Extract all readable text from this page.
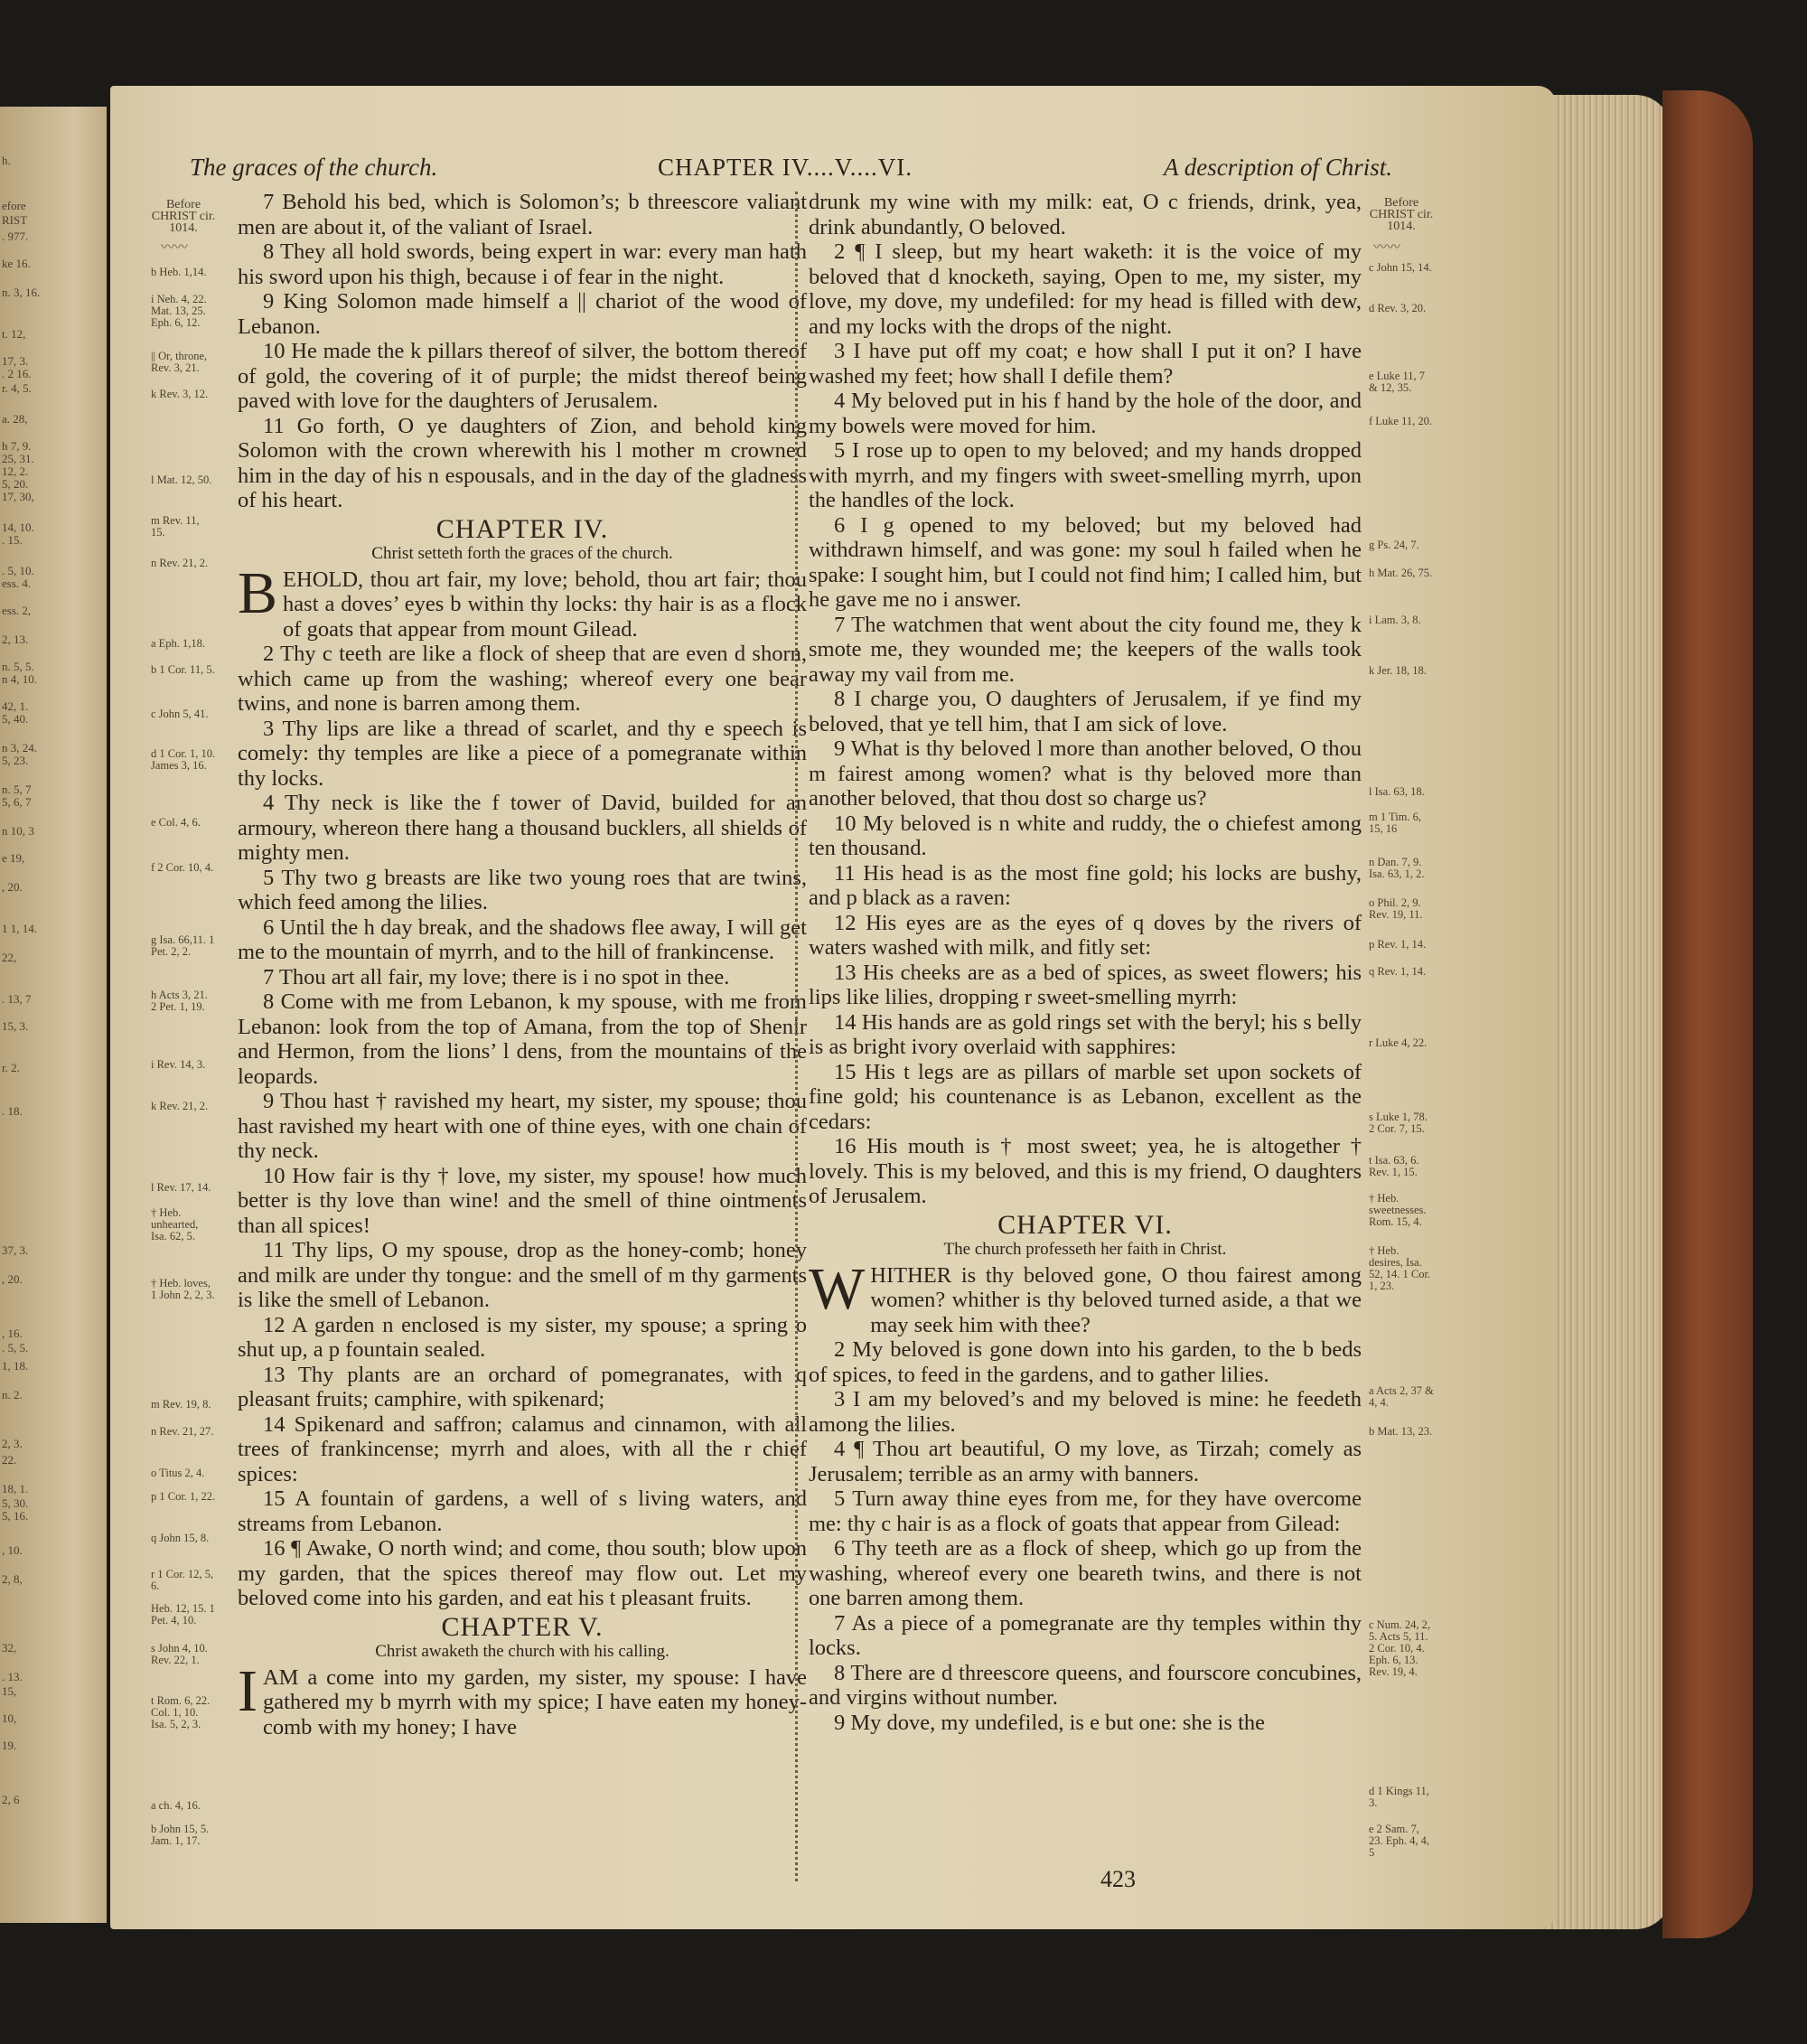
h.
efore
RIST
. 977.
ke 16.
n. 3, 16.
t. 12,
17, 3.
. 2 16.
r. 4, 5.
a. 28,
h 7, 9.
25, 31.
12, 2.
5, 20.
17, 30,
14, 10.
. 15.
. 5, 10.
ess. 4.
ess. 2,
2, 13.
n. 5, 5.
n 4, 10.
42, 1.
5, 40.
n 3, 24.
5, 23.
n. 5, 7
5, 6, 7
n 10, 3
e 19,
, 20.
1 1, 14.
22,
. 13, 7
15, 3.
r. 2.
. 18.
37, 3.
, 20.
, 16.
. 5, 5.
1, 18.
n. 2.
2, 3.
22.
18, 1.
5, 30.
5, 16.
, 10.
2, 8,
32,
. 13.
15,
10,
19.
2, 6
The graces of the church.	CHAPTER IV....V....VI.	A description of Christ.
Before CHRIST cir. 1014.
〰〰
Before CHRIST cir. 1014.
〰〰
b Heb. 1,14.
i Neh. 4, 22. Mat. 13, 25. Eph. 6, 12.
|| Or, throne, Rev. 3, 21.
k Rev. 3, 12.
l Mat. 12, 50.
m Rev. 11, 15.
n Rev. 21, 2.
a Eph. 1,18.
b 1 Cor. 11, 5.
c John 5, 41.
d 1 Cor. 1, 10. James 3, 16.
e Col. 4, 6.
f 2 Cor. 10, 4.
g Isa. 66,11. 1 Pet. 2, 2.
h Acts 3, 21. 2 Pet. 1, 19.
i Rev. 14, 3.
k Rev. 21, 2.
l Rev. 17, 14.
† Heb. unhearted, Isa. 62, 5.
† Heb. loves, 1 John 2, 2, 3.
m Rev. 19, 8.
n Rev. 21, 27.
o Titus 2, 4.
p 1 Cor. 1, 22.
q John 15, 8.
r 1 Cor. 12, 5, 6.
Heb. 12, 15. 1 Pet. 4, 10.
s John 4, 10. Rev. 22, 1.
t Rom. 6, 22. Col. 1, 10. Isa. 5, 2, 3.
a ch. 4, 16.
b John 15, 5. Jam. 1, 17.
c John 15, 14.
d Rev. 3, 20.
e Luke 11, 7 & 12, 35.
f Luke 11, 20.
g Ps. 24, 7.
h Mat. 26, 75.
i Lam. 3, 8.
k Jer. 18, 18.
l Isa. 63, 18.
m 1 Tim. 6, 15, 16
n Dan. 7, 9. Isa. 63, 1, 2.
o Phil. 2, 9. Rev. 19, 11.
p Rev. 1, 14.
q Rev. 1, 14.
r Luke 4, 22.
s Luke 1, 78. 2 Cor. 7, 15.
t Isa. 63, 6. Rev. 1, 15.
† Heb. sweetnesses. Rom. 15, 4.
† Heb. desires, Isa. 52, 14. 1 Cor. 1, 23.
a Acts 2, 37 & 4, 4.
b Mat. 13, 23.
c Num. 24, 2, 5. Acts 5, 11. 2 Cor. 10, 4. Eph. 6, 13. Rev. 19, 4.
d 1 Kings 11, 3.
e 2 Sam. 7, 23. Eph. 4, 4, 5

7 Behold his bed, which is Solomon’s; b threescore valiant men are about it, of the valiant of Israel.

8 They all hold swords, being expert in war: every man hath his sword upon his thigh, because i of fear in the night.

9 King Solomon made himself a || chariot of the wood of Lebanon.

10 He made the k pillars thereof of silver, the bottom thereof of gold, the covering of it of purple; the midst thereof being paved with love for the daughters of Jerusalem.

11 Go forth, O ye daughters of Zion, and behold king Solomon with the crown wherewith his l mother m crowned him in the day of his n espousals, and in the day of the gladness of his heart.

CHAPTER IV.
Christ setteth forth the graces of the church.

BEHOLD, thou art fair, my love; behold, thou art fair; thou hast a doves’ eyes b within thy locks: thy hair is as a flock of goats that appear from mount Gilead.

2 Thy c teeth are like a flock of sheep that are even d shorn, which came up from the washing; whereof every one bear twins, and none is barren among them.

3 Thy lips are like a thread of scarlet, and thy e speech is comely: thy temples are like a piece of a pomegranate within thy locks.

4 Thy neck is like the f tower of David, builded for an armoury, whereon there hang a thousand bucklers, all shields of mighty men.

5 Thy two g breasts are like two young roes that are twins, which feed among the lilies.

6 Until the h day break, and the shadows flee away, I will get me to the mountain of myrrh, and to the hill of frankincense.

7 Thou art all fair, my love; there is i no spot in thee.

8 Come with me from Lebanon, k my spouse, with me from Lebanon: look from the top of Amana, from the top of Shenir and Hermon, from the lions’ l dens, from the mountains of the leopards.

9 Thou hast † ravished my heart, my sister, my spouse; thou hast ravished my heart with one of thine eyes, with one chain of thy neck.

10 How fair is thy † love, my sister, my spouse! how much better is thy love than wine! and the smell of thine ointments than all spices!

11 Thy lips, O my spouse, drop as the honey-comb; honey and milk are under thy tongue: and the smell of m thy garments is like the smell of Lebanon.

12 A garden n enclosed is my sister, my spouse; a spring o shut up, a p fountain sealed.

13 Thy plants are an orchard of pomegranates, with q pleasant fruits; camphire, with spikenard;

14 Spikenard and saffron; calamus and cinnamon, with all trees of frankincense; myrrh and aloes, with all the r chief spices:

15 A fountain of gardens, a well of s living waters, and streams from Lebanon.

16 ¶ Awake, O north wind; and come, thou south; blow upon my garden, that the spices thereof may flow out. Let my beloved come into his garden, and eat his t pleasant fruits.

CHAPTER V.
Christ awaketh the church with his calling.

IAM a come into my garden, my sister, my spouse: I have gathered my b myrrh with my spice; I have eaten my honey-comb with my honey; I have

drunk my wine with my milk: eat, O c friends, drink, yea, drink abundantly, O beloved.

2 ¶ I sleep, but my heart waketh: it is the voice of my beloved that d knocketh, saying, Open to me, my sister, my love, my dove, my undefiled: for my head is filled with dew, and my locks with the drops of the night.

3 I have put off my coat; e how shall I put it on? I have washed my feet; how shall I defile them?

4 My beloved put in his f hand by the hole of the door, and my bowels were moved for him.

5 I rose up to open to my beloved; and my hands dropped with myrrh, and my fingers with sweet-smelling myrrh, upon the handles of the lock.

6 I g opened to my beloved; but my beloved had withdrawn himself, and was gone: my soul h failed when he spake: I sought him, but I could not find him; I called him, but he gave me no i answer.

7 The watchmen that went about the city found me, they k smote me, they wounded me; the keepers of the walls took away my vail from me.

8 I charge you, O daughters of Jerusalem, if ye find my beloved, that ye tell him, that I am sick of love.

9 What is thy beloved l more than another beloved, O thou m fairest among women? what is thy beloved more than another beloved, that thou dost so charge us?

10 My beloved is n white and ruddy, the o chiefest among ten thousand.

11 His head is as the most fine gold; his locks are bushy, and p black as a raven:

12 His eyes are as the eyes of q doves by the rivers of waters washed with milk, and fitly set:

13 His cheeks are as a bed of spices, as sweet flowers; his lips like lilies, dropping r sweet-smelling myrrh:

14 His hands are as gold rings set with the beryl; his s belly is as bright ivory overlaid with sapphires:

15 His t legs are as pillars of marble set upon sockets of fine gold; his countenance is as Lebanon, excellent as the cedars:

16 His mouth is † most sweet; yea, he is altogether † lovely. This is my beloved, and this is my friend, O daughters of Jerusalem.

CHAPTER VI.
The church professeth her faith in Christ.

WHITHER is thy beloved gone, O thou fairest among women? whither is thy beloved turned aside, a that we may seek him with thee?

2 My beloved is gone down into his garden, to the b beds of spices, to feed in the gardens, and to gather lilies.

3 I am my beloved’s and my beloved is mine: he feedeth among the lilies.

4 ¶ Thou art beautiful, O my love, as Tirzah; comely as Jerusalem; terrible as an army with banners.

5 Turn away thine eyes from me, for they have overcome me: thy c hair is as a flock of goats that appear from Gilead:

6 Thy teeth are as a flock of sheep, which go up from the washing, whereof every one beareth twins, and there is not one barren among them.

7 As a piece of a pomegranate are thy temples within thy locks.

8 There are d threescore queens, and fourscore concubines, and virgins without number.

9 My dove, my undefiled, is e but one: she is the

423
